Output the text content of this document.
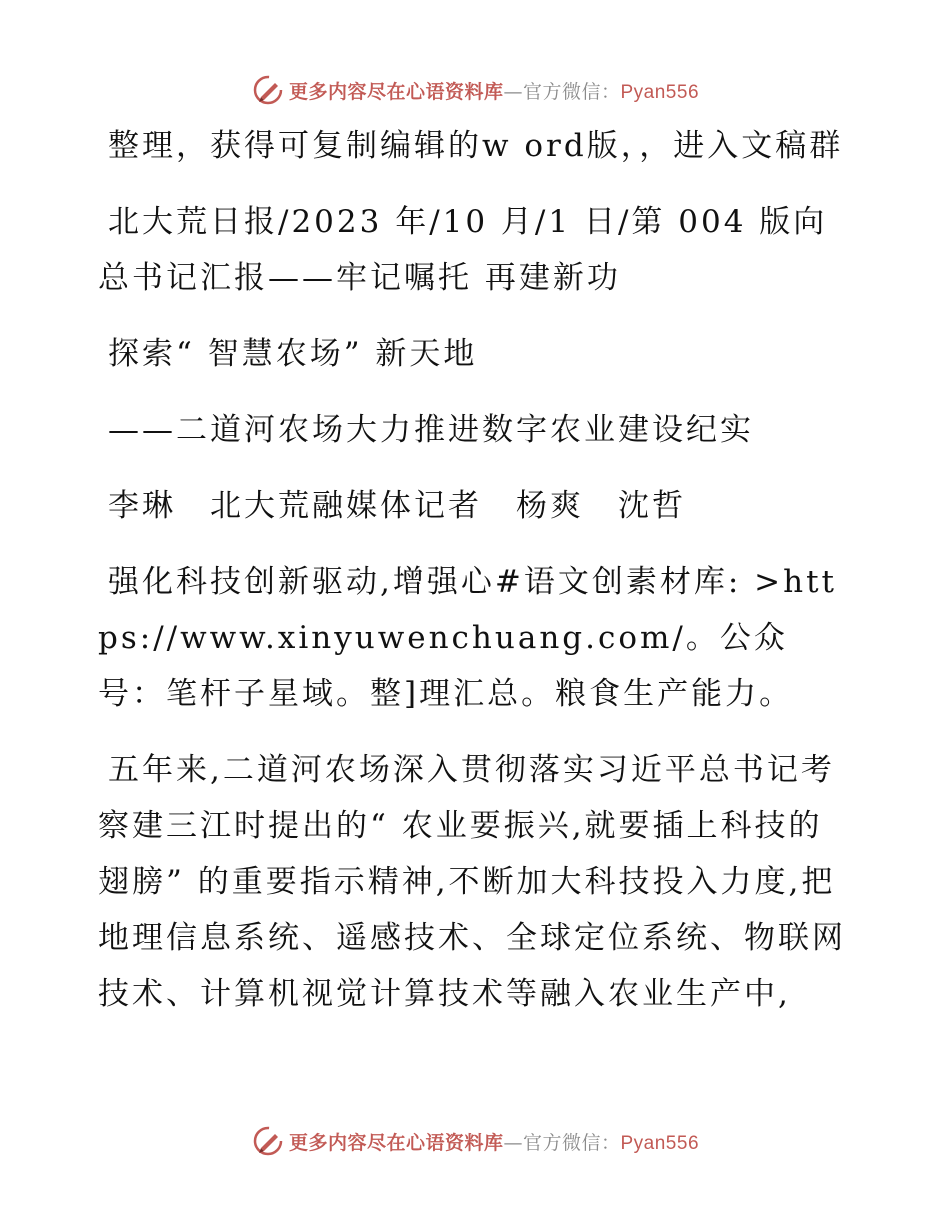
更多内容尽在心语资料库—官方微信：Pyan556

整理，获得可复制编辑的w ord版，，进入文稿群

北大荒日报/2023 年/10 月/1 日/第 004 版向总书记汇报——牢记嘱托 再建新功

探索“ 智慧农场” 新天地

——二道河农场大力推进数字农业建设纪实

李琳　北大荒融媒体记者　杨爽　沈哲

强化科技创新驱动,增强心#语文创素材库: >https://www.xinyuwenchuang.com/。公众号：笔杆子星域。整]理汇总。粮食生产能力。

五年来,二道河农场深入贯彻落实习近平总书记考察建三江时提出的“ 农业要振兴,就要插上科技的翅膀” 的重要指示精神,不断加大科技投入力度,把地理信息系统、遥感技术、全球定位系统、物联网技术、计算机视觉计算技术等融入农业生产中,

更多内容尽在心语资料库—官方微信：Pyan556
